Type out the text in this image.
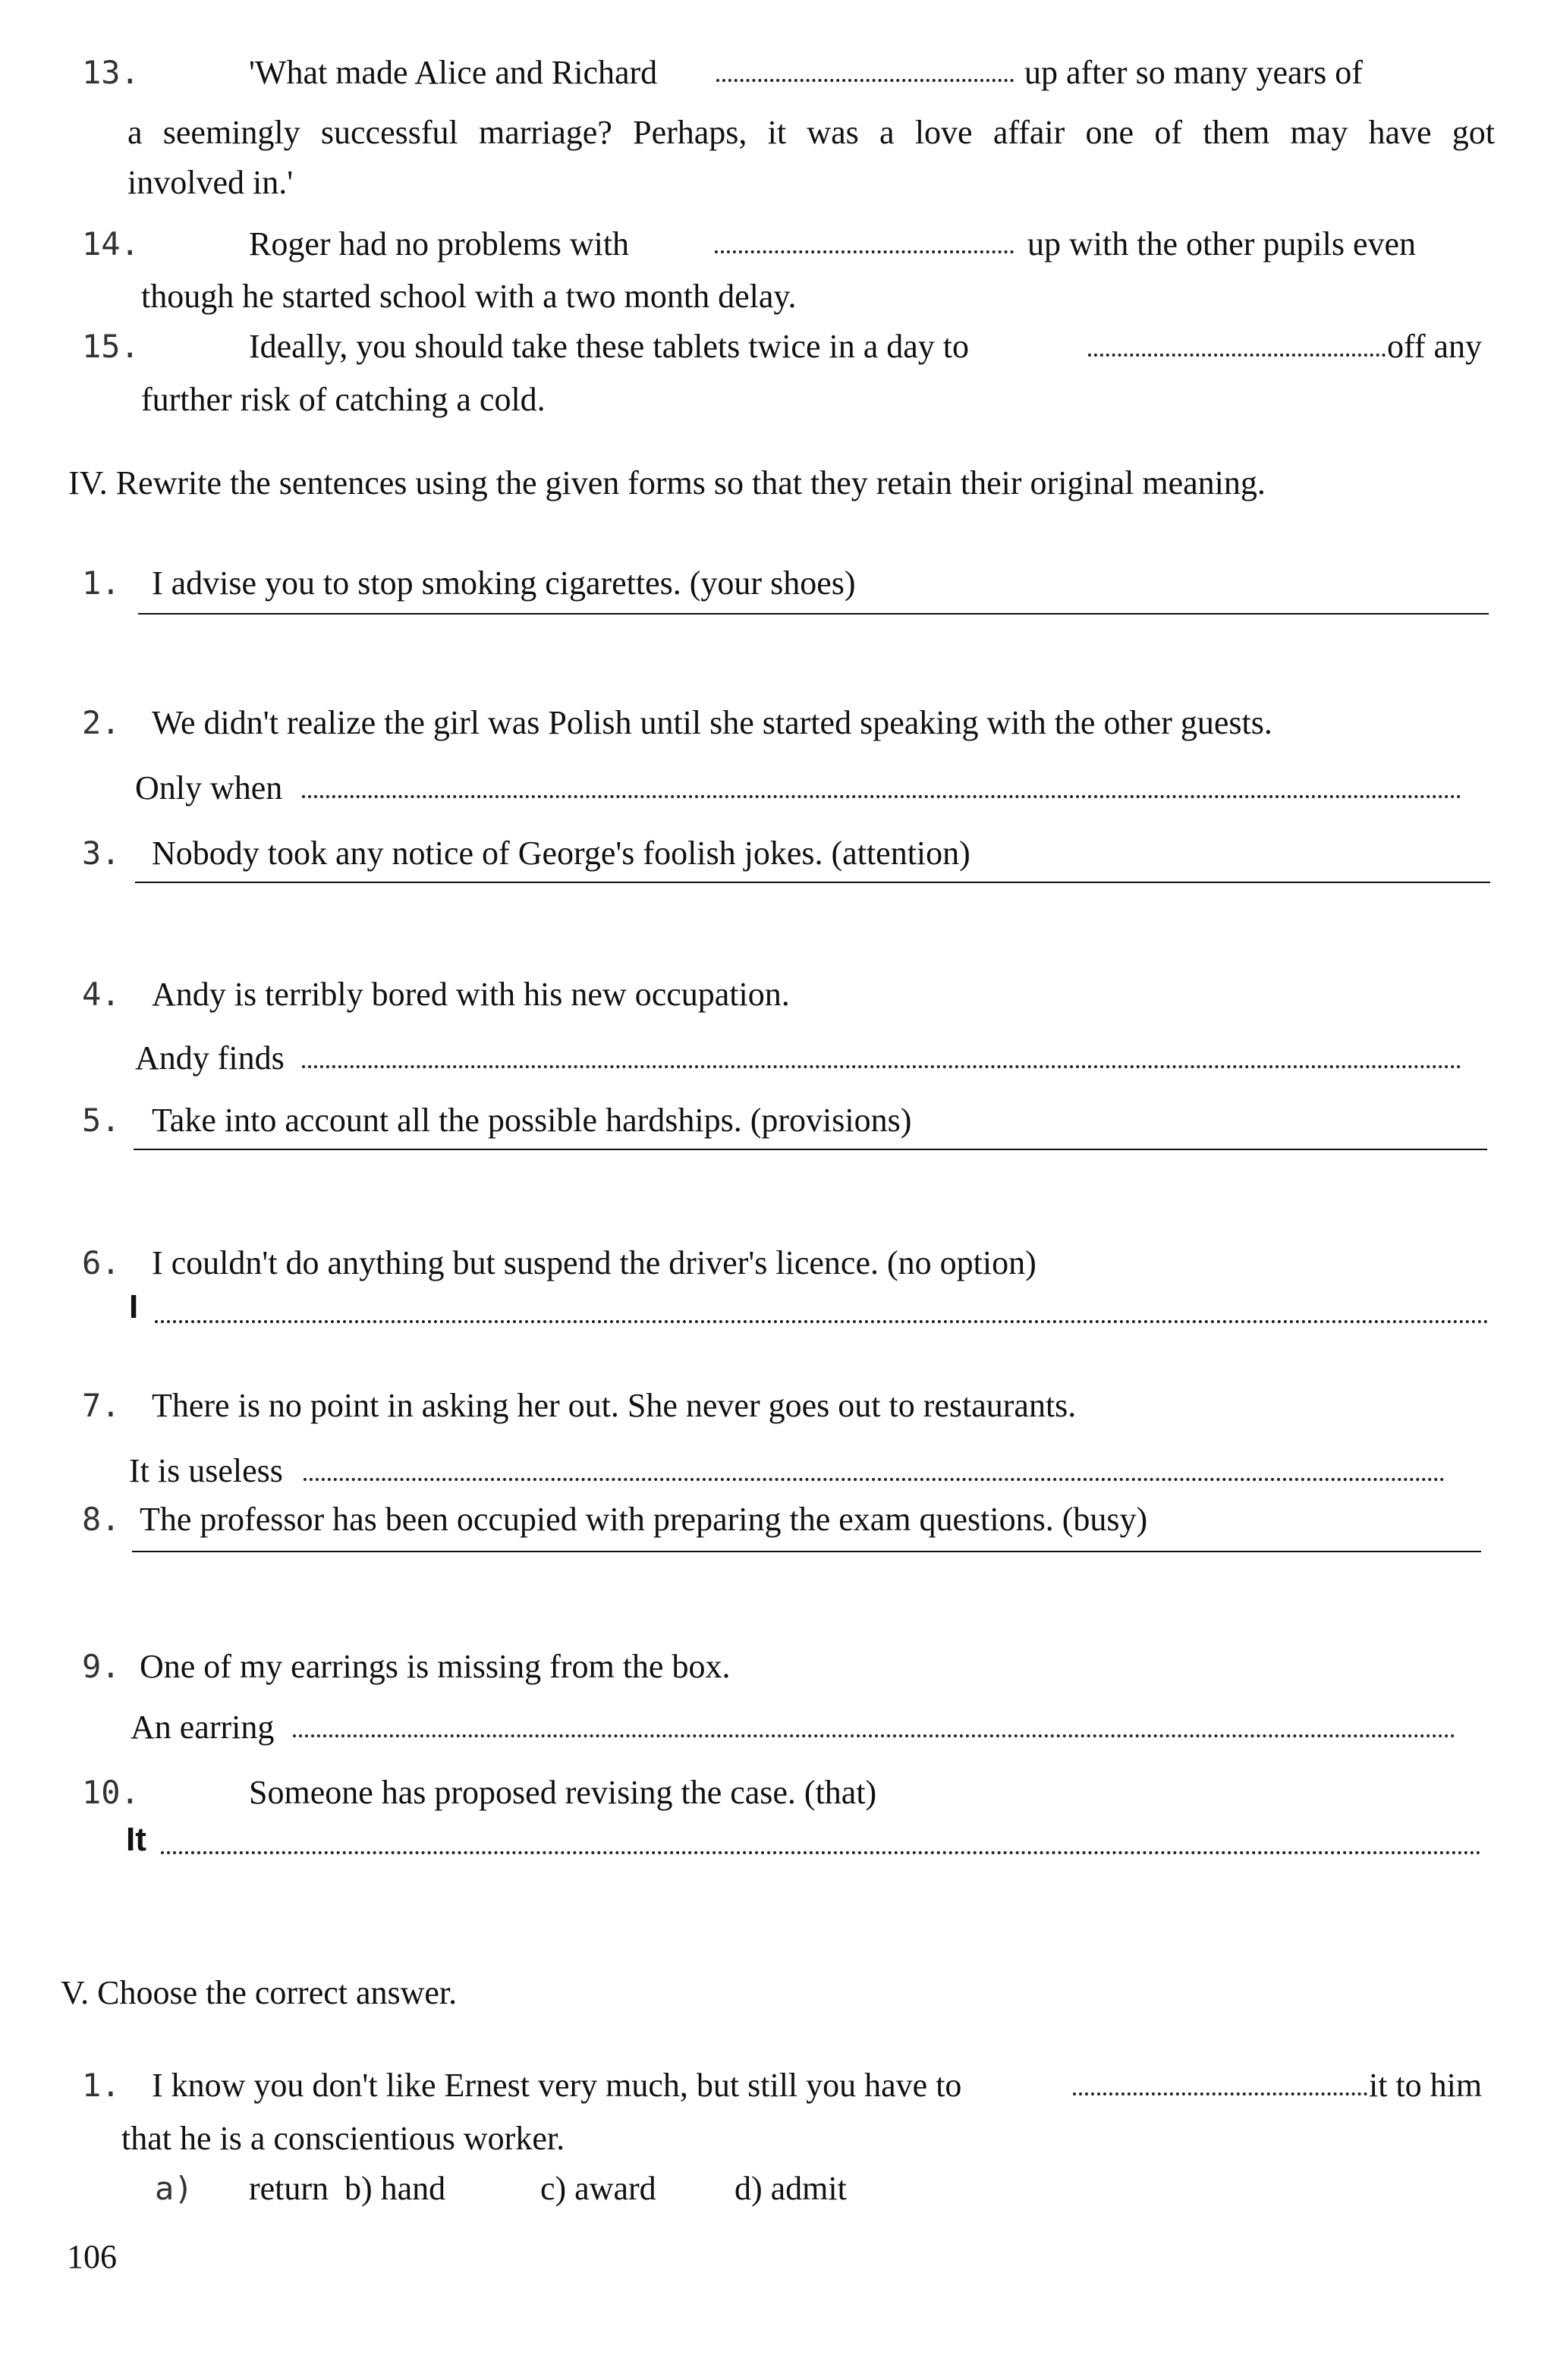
13.	'What made Alice and Richard	up after so many years of
a seemingly successful marriage? Perhaps, it was a love affair one of them may have got
involved in.'
14.	Roger had no problems with	up with the other pupils even
though he started school with a two month delay.
15.	Ideally, you should take these tablets twice in a day to	off any
further risk of catching a cold.
IV. Rewrite the sentences using the given forms so that they retain their original meaning.
1. I advise you to stop smoking cigarettes. (your shoes)
2. We didn't realize the girl was Polish until she started speaking with the other guests.
Only when
3. Nobody took any notice of George's foolish jokes. (attention)
4. Andy is terribly bored with his new occupation.
Andy finds
5. Take into account all the possible hardships. (provisions)
6. I couldn't do anything but suspend the driver's licence. (no option)
I
7. There is no point in asking her out. She never goes out to restaurants.
It is useless
8. The professor has been occupied with preparing the exam questions. (busy)
9. One of my earrings is missing from the box.
An earring
10.	Someone has proposed revising the case. (that)
It
V. Choose the correct answer.
1. I know you don't like Ernest very much, but still you have to	it to him
that he is a conscientious worker.
a) return b) hand	c) award d) admit
106
